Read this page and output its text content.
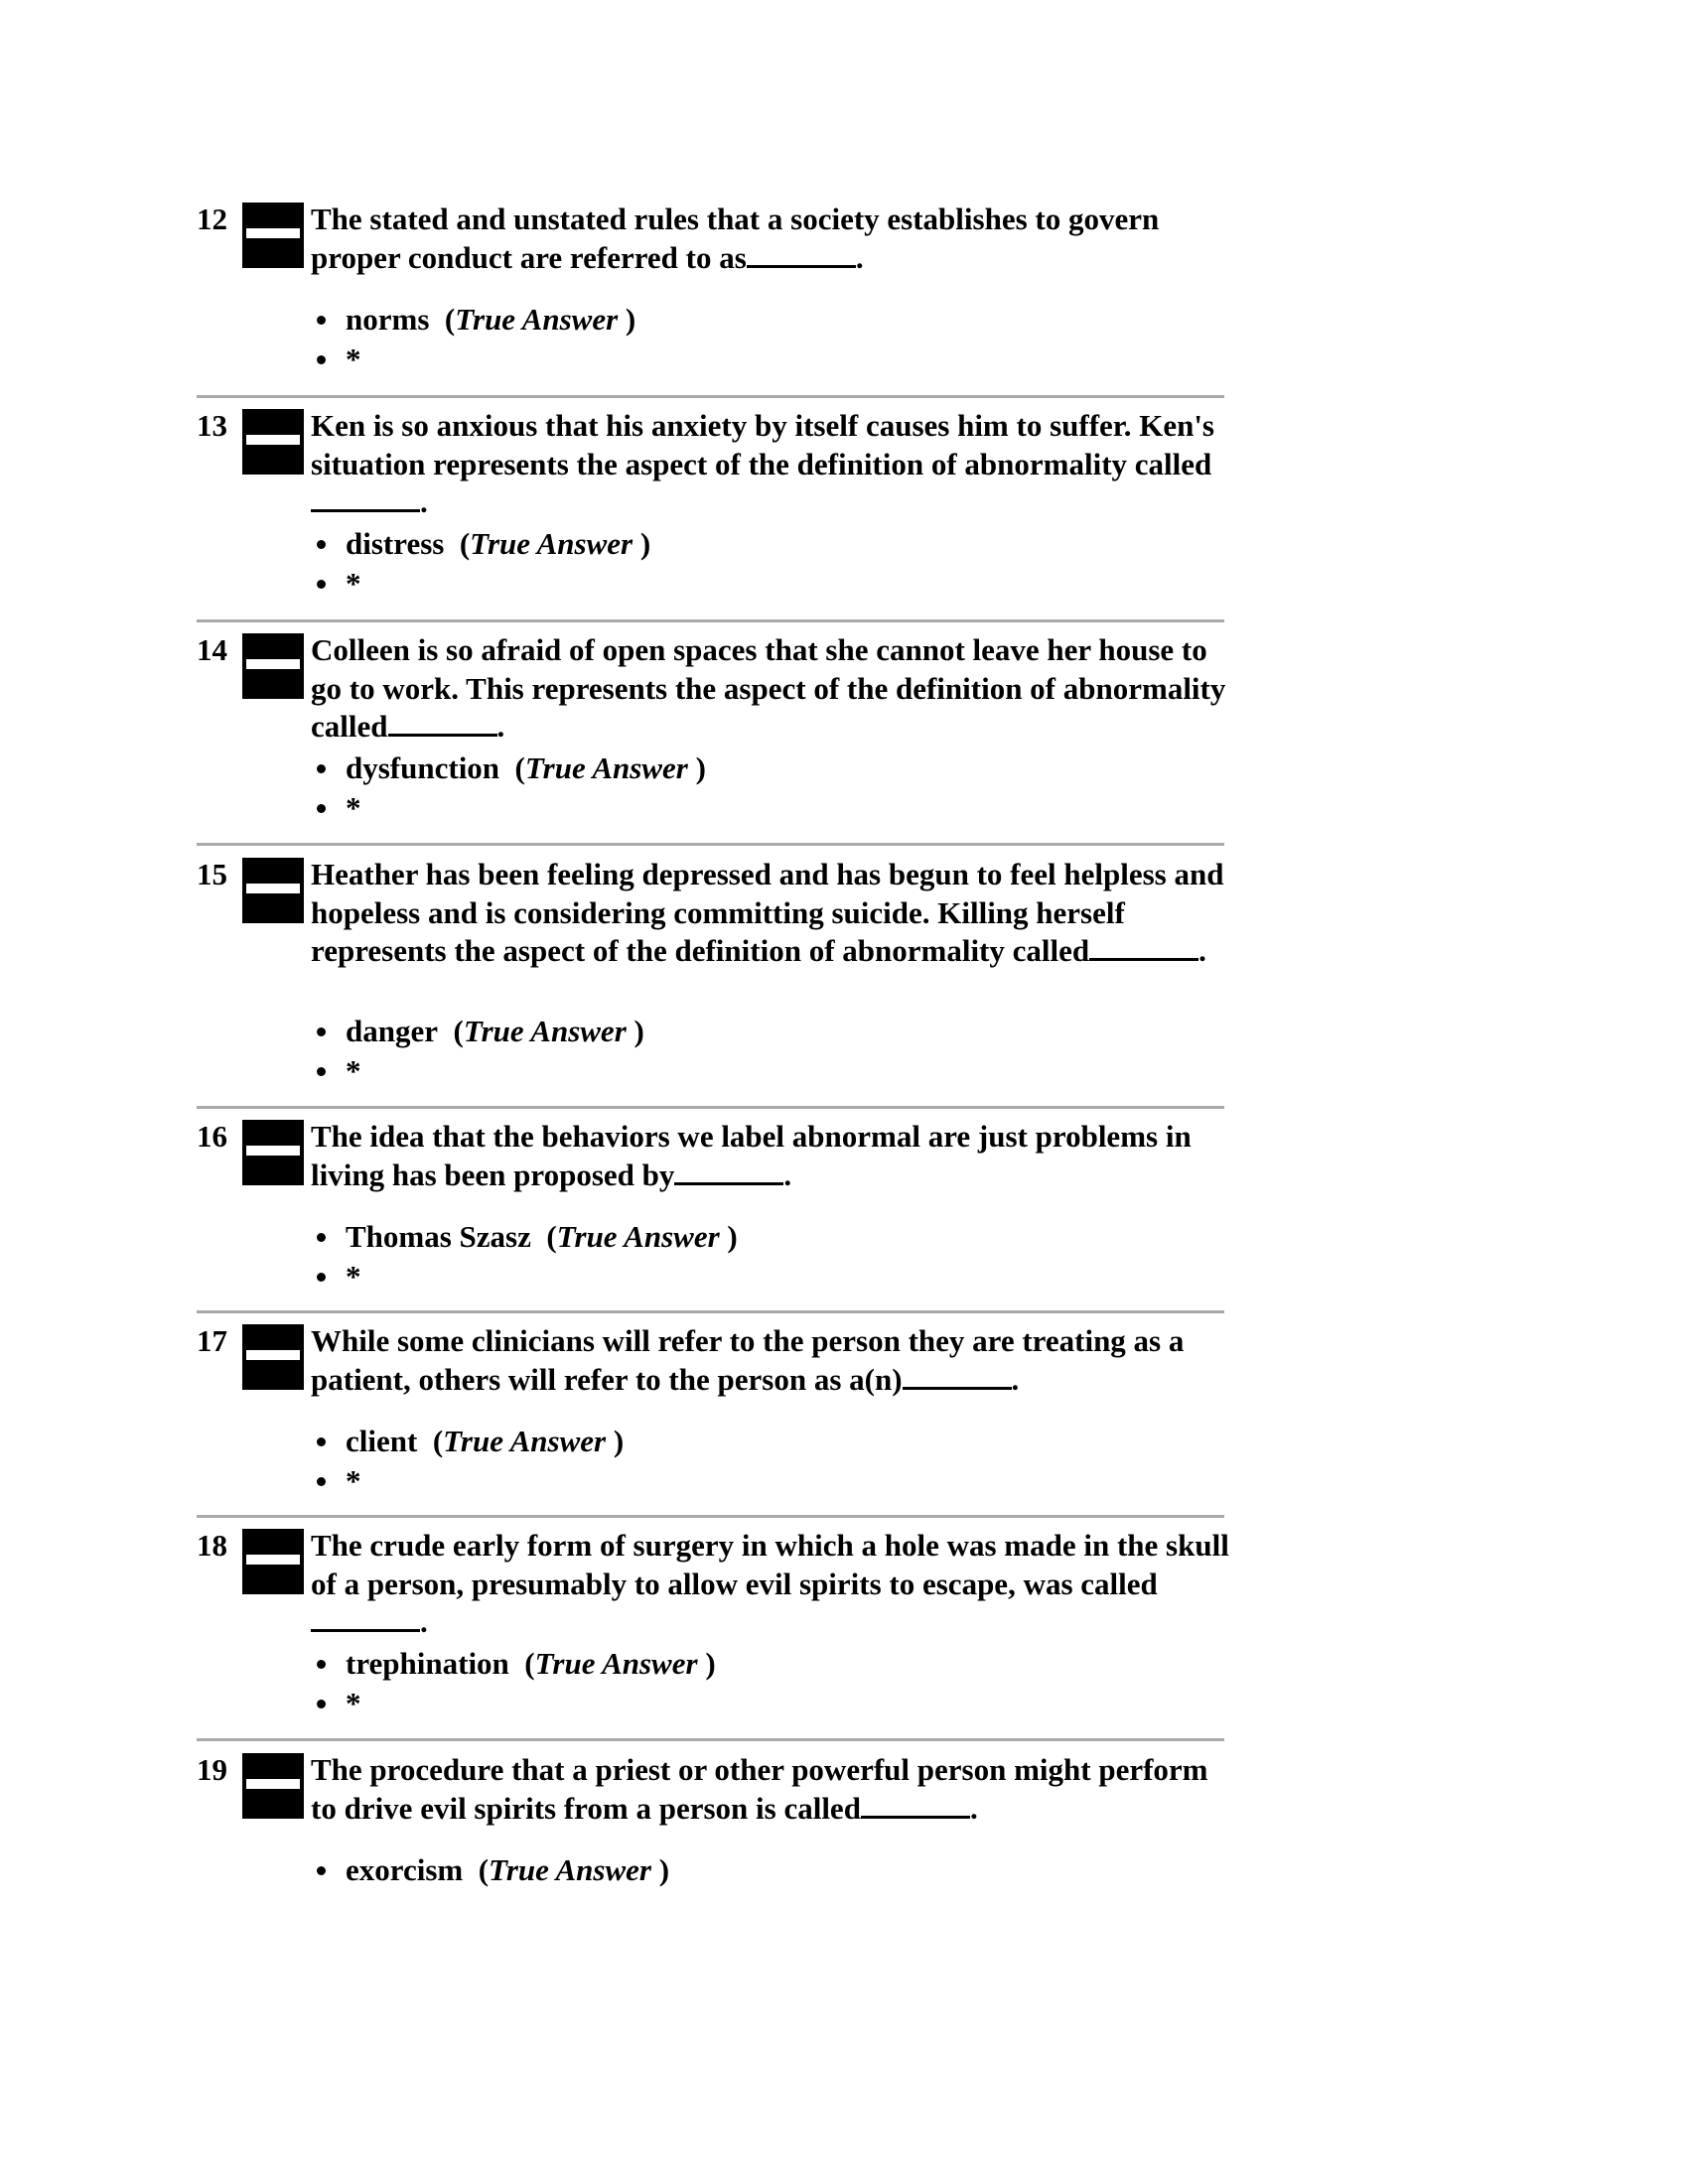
12	The stated and unstated rules that a society establishes to govern proper conduct are referred to as	.

norms  (True Answer )
*
13	Ken is so anxious that his anxiety by itself causes him to suffer. Ken's situation represents the aspect of the definition of abnormality called.

distress  (True Answer )
*
14	Colleen is so afraid of open spaces that she cannot leave her house to go to work. This represents the aspect of the definition of abnormality called	.

dysfunction  (True Answer )
*
15	Heather has been feeling depressed and has begun to feel helpless and hopeless and is considering committing suicide. Killing herself represents the aspect of the definition of abnormality called	.

danger  (True Answer )
*
16	The idea that the behaviors we label abnormal are just problems in living has been proposed by	.

Thomas Szasz  (True Answer )
*
17	While some clinicians will refer to the person they are treating as a patient, others will refer to the person as a(n)	.

client  (True Answer )
*
18	The crude early form of surgery in which a hole was made in the skull of a person, presumably to allow evil spirits to escape, was called.

trephination  (True Answer )
*
19	The procedure that a priest or other powerful person might perform to drive evil spirits from a person is called	.

exorcism  (True Answer )
